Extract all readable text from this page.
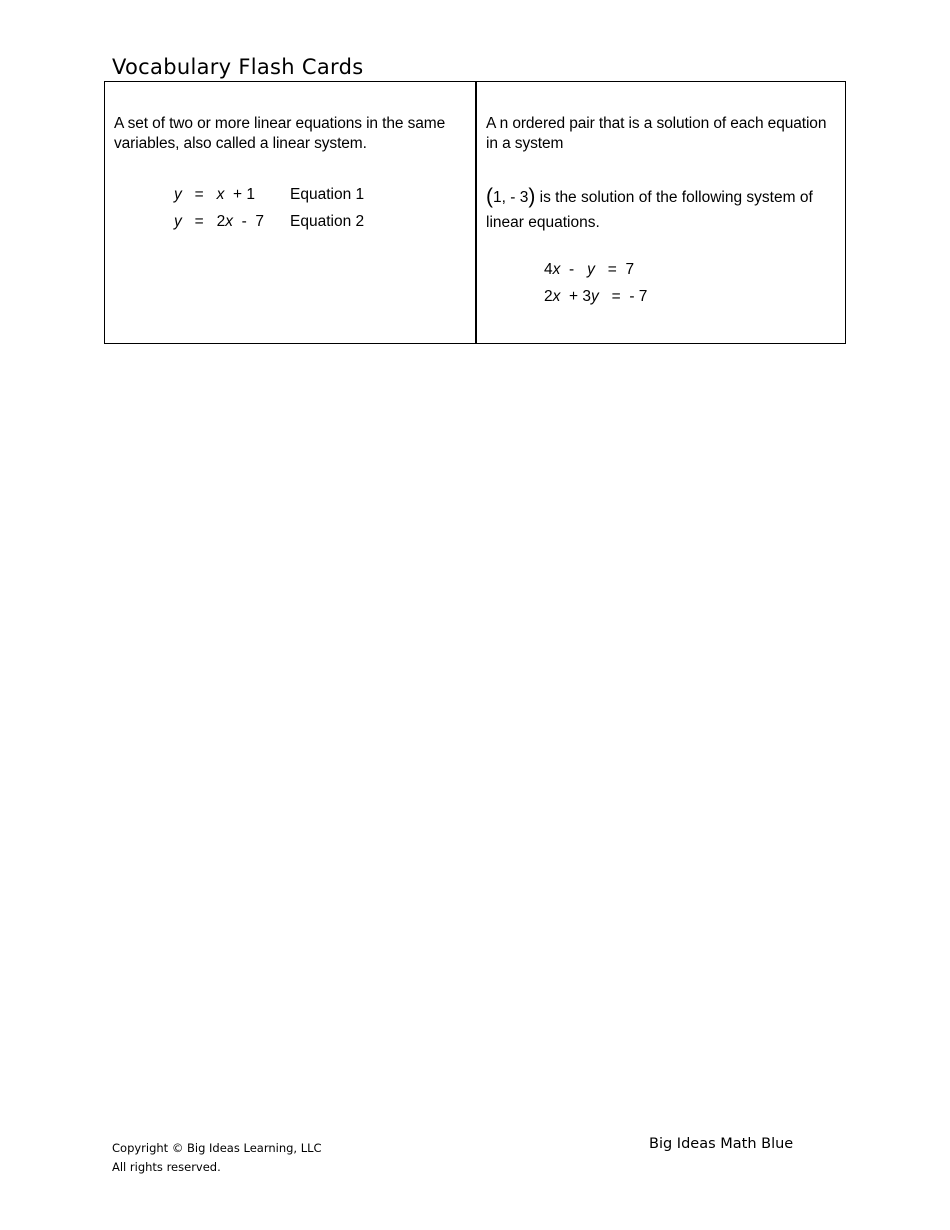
Vocabulary Flash Cards
A set of two or more linear equations in the same variables, also called a linear system.
y = x + 1 Equation 1
y = 2x -  7 Equation 2
A n ordered pair that is a solution of each equation in a system
(1, - 3) is the solution of the following system of linear equations.
4x - y = 7
2x + 3y = - 7
Copyright © Big Ideas Learning, LLC
All rights reserved.
Big Ideas Math Blue
